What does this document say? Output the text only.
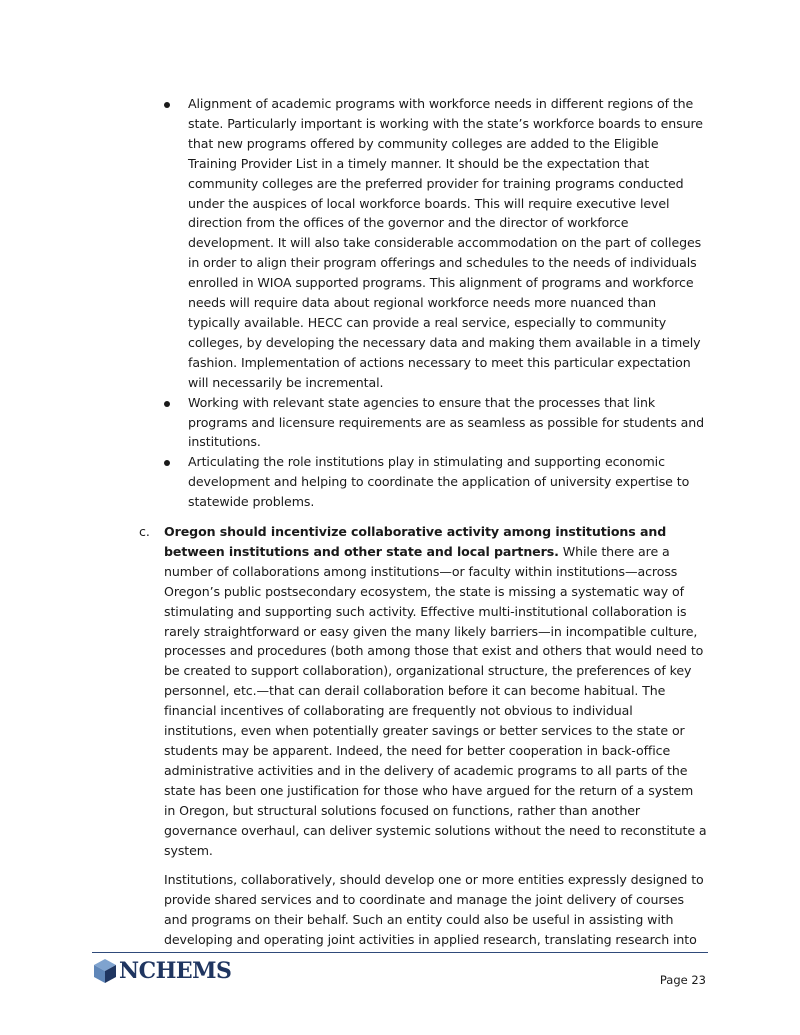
Alignment of academic programs with workforce needs in different regions of the state. Particularly important is working with the state’s workforce boards to ensure that new programs offered by community colleges are added to the Eligible Training Provider List in a timely manner. It should be the expectation that community colleges are the preferred provider for training programs conducted under the auspices of local workforce boards. This will require executive level direction from the offices of the governor and the director of workforce development. It will also take considerable accommodation on the part of colleges in order to align their program offerings and schedules to the needs of individuals enrolled in WIOA supported programs. This alignment of programs and workforce needs will require data about regional workforce needs more nuanced than typically available. HECC can provide a real service, especially to community colleges, by developing the necessary data and making them available in a timely fashion. Implementation of actions necessary to meet this particular expectation will necessarily be incremental.
Working with relevant state agencies to ensure that the processes that link programs and licensure requirements are as seamless as possible for students and institutions.
Articulating the role institutions play in stimulating and supporting economic development and helping to coordinate the application of university expertise to statewide problems.
c. Oregon should incentivize collaborative activity among institutions and between institutions and other state and local partners. While there are a number of collaborations among institutions—or faculty within institutions—across Oregon’s public postsecondary ecosystem, the state is missing a systematic way of stimulating and supporting such activity. Effective multi-institutional collaboration is rarely straightforward or easy given the many likely barriers—in incompatible culture, processes and procedures (both among those that exist and others that would need to be created to support collaboration), organizational structure, the preferences of key personnel, etc.—that can derail collaboration before it can become habitual. The financial incentives of collaborating are frequently not obvious to individual institutions, even when potentially greater savings or better services to the state or students may be apparent. Indeed, the need for better cooperation in back-office administrative activities and in the delivery of academic programs to all parts of the state has been one justification for those who have argued for the return of a system in Oregon, but structural solutions focused on functions, rather than another governance overhaul, can deliver systemic solutions without the need to reconstitute a system.

Institutions, collaboratively, should develop one or more entities expressly designed to provide shared services and to coordinate and manage the joint delivery of courses and programs on their behalf. Such an entity could also be useful in assisting with developing and operating joint activities in applied research, translating research into

NCHEMS	Page 23
